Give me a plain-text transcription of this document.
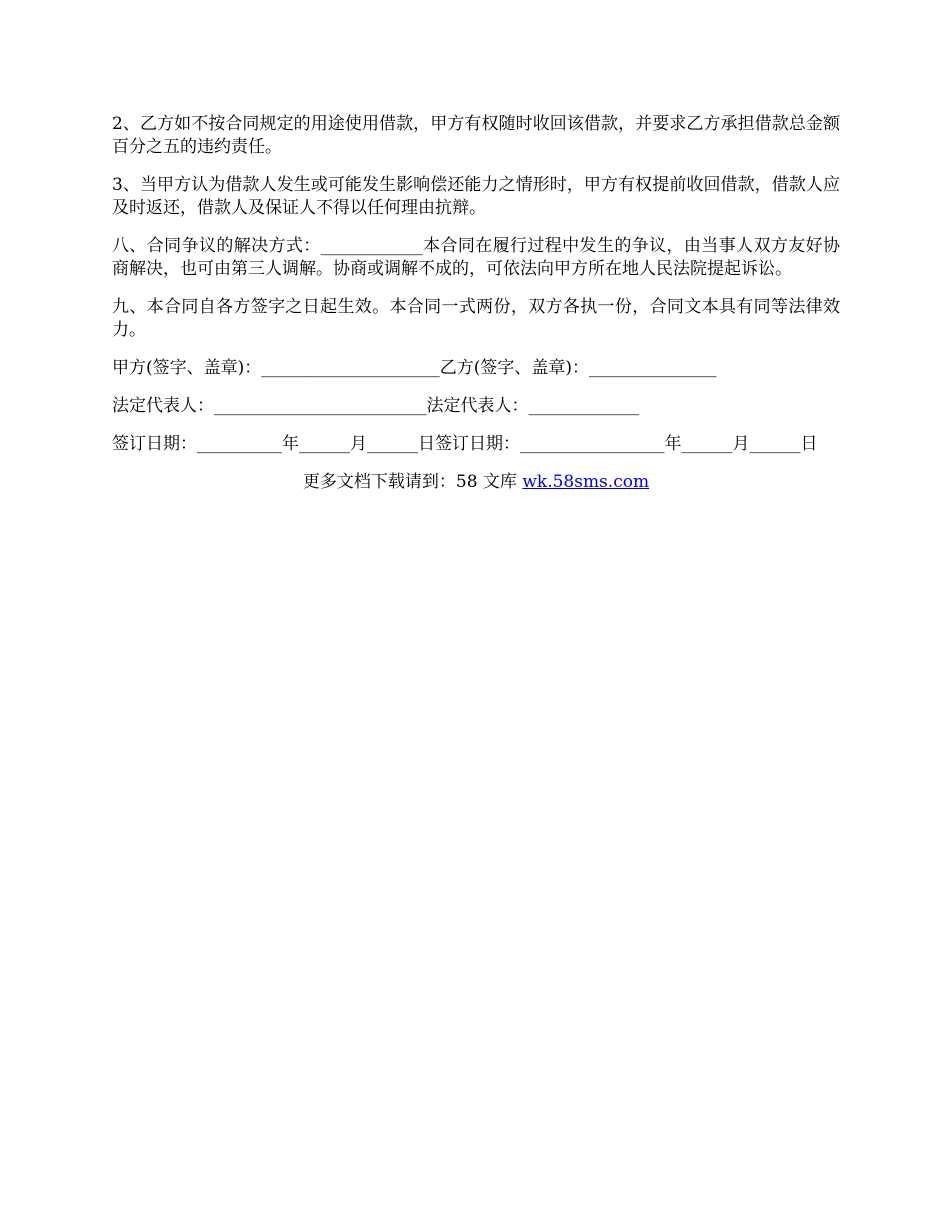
2、乙方如不按合同规定的用途使用借款，甲方有权随时收回该借款，并要求乙方承担借款总金额百分之五的违约责任。

3、当甲方认为借款人发生或可能发生影响偿还能力之情形时，甲方有权提前收回借款，借款人应及时返还，借款人及保证人不得以任何理由抗辩。

八、合同争议的解决方式：____________本合同在履行过程中发生的争议，由当事人双方友好协商解决，也可由第三人调解。协商或调解不成的，可依法向甲方所在地人民法院提起诉讼。

九、本合同自各方签字之日起生效。本合同一式两份，双方各执一份，合同文本具有同等法律效力。

甲方(签字、盖章)：_____________________乙方(签字、盖章)：_______________

法定代表人：_________________________法定代表人：_____________

签订日期：__________年______月______日签订日期：_________________年______月______日

更多文档下载请到：58 文库 wk.58sms.com
